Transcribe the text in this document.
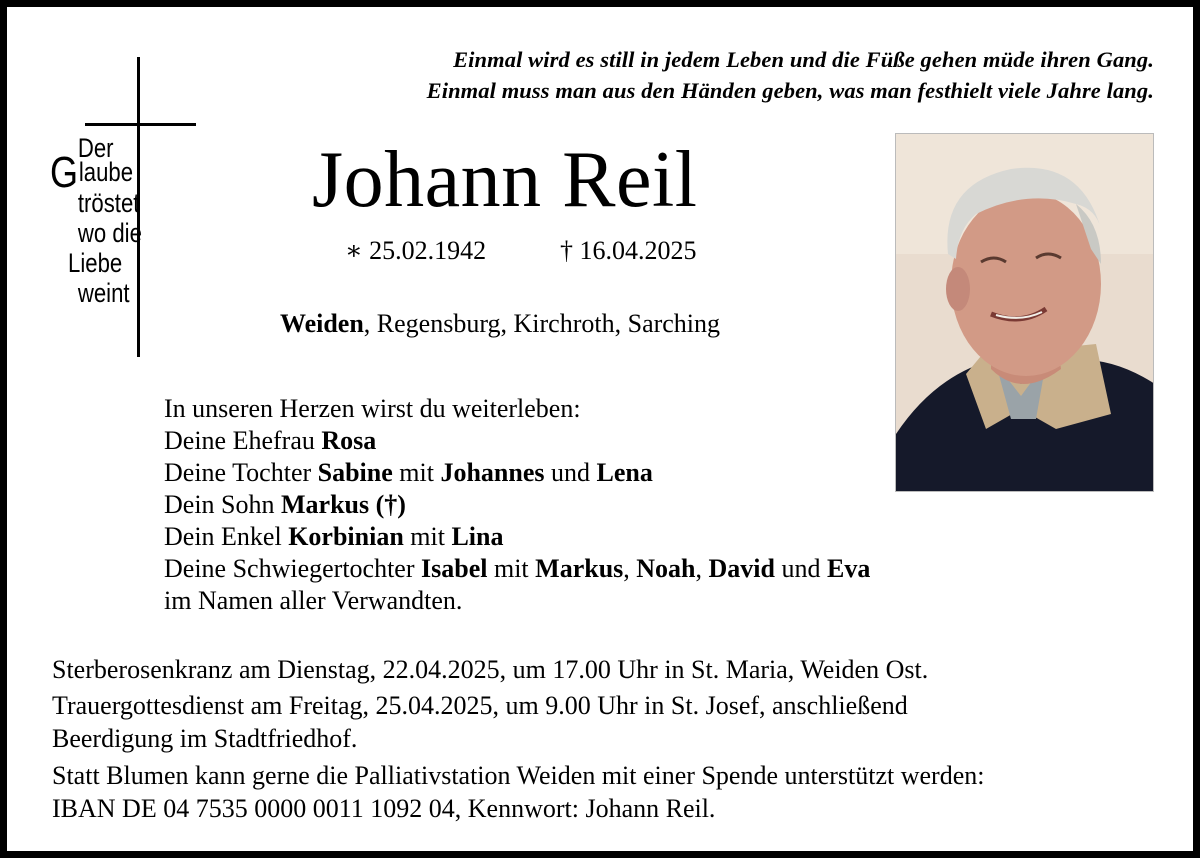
Einmal wird es still in jedem Leben und die Füße gehen müde ihren Gang.
Einmal muss man aus den Händen geben, was man festhielt viele Jahre lang.
Der
Glaube
tröstet
wo die
Liebe
weint
Johann Reil
∗ 25.02.1942	† 16.04.2025
Weiden, Regensburg, Kirchroth, Sarching
In unseren Herzen wirst du weiterleben:
Deine Ehefrau Rosa
Deine Tochter Sabine mit Johannes und Lena
Dein Sohn Markus (†)
Dein Enkel Korbinian mit Lina
Deine Schwiegertochter Isabel mit Markus, Noah, David und Eva
im Namen aller Verwandten.
Sterberosenkranz am Dienstag, 22.04.2025, um 17.00 Uhr in St. Maria, Weiden Ost.
Trauergottesdienst am Freitag, 25.04.2025, um 9.00 Uhr in St. Josef, anschließend
Beerdigung im Stadtfriedhof.
Statt Blumen kann gerne die Palliativstation Weiden mit einer Spende unterstützt werden:
IBAN DE 04 7535 0000 0011 1092 04, Kennwort: Johann Reil.
